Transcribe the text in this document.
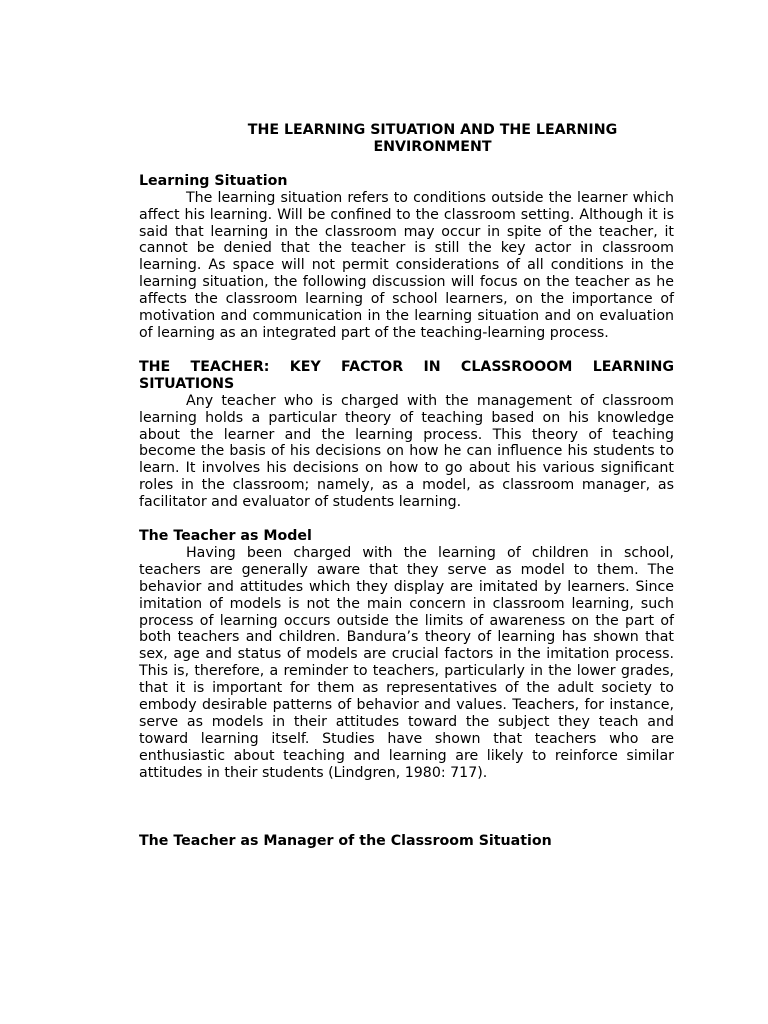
THE LEARNING SITUATION AND THE LEARNING
ENVIRONMENT

Learning Situation

The learning situation refers to conditions outside the learner which affect his learning. Will be confined to the classroom setting. Although it is said that learning in the classroom may occur in spite of the teacher, it cannot be denied that the teacher is still the key actor in classroom learning. As space will not permit considerations of all conditions in the learning situation, the following discussion will focus on the teacher as he affects the classroom learning of school learners, on the importance of motivation and communication in the learning situation and on evaluation of learning as an integrated part of the teaching-learning process.

THE TEACHER: KEY FACTOR IN CLASSROOOM LEARNING SITUATIONS

Any teacher who is charged with the management of classroom learning holds a particular theory of teaching based on his knowledge about the learner and the learning process. This theory of teaching become the basis of his decisions on how he can influence his students to learn. It involves his decisions on how to go about his various significant roles in the classroom; namely, as a model, as classroom manager, as facilitator and evaluator of students learning.

The Teacher as Model

Having been charged with the learning of children in school, teachers are generally aware that they serve as model to them. The behavior and attitudes which they display are imitated by learners. Since imitation of models is not the main concern in classroom learning, such process of learning occurs outside the limits of awareness on the part of both teachers and children. Bandura’s theory of learning has shown that sex, age and status of models are crucial factors in the imitation process. This is, therefore, a reminder to teachers, particularly in the lower grades, that it is important for them as representatives of the adult society to embody desirable patterns of behavior and values. Teachers, for instance, serve as models in their attitudes toward the subject they teach and toward learning itself. Studies have shown that teachers who are enthusiastic about teaching and learning are likely to reinforce similar attitudes in their students (Lindgren, 1980: 717).

The Teacher as Manager of the Classroom Situation
